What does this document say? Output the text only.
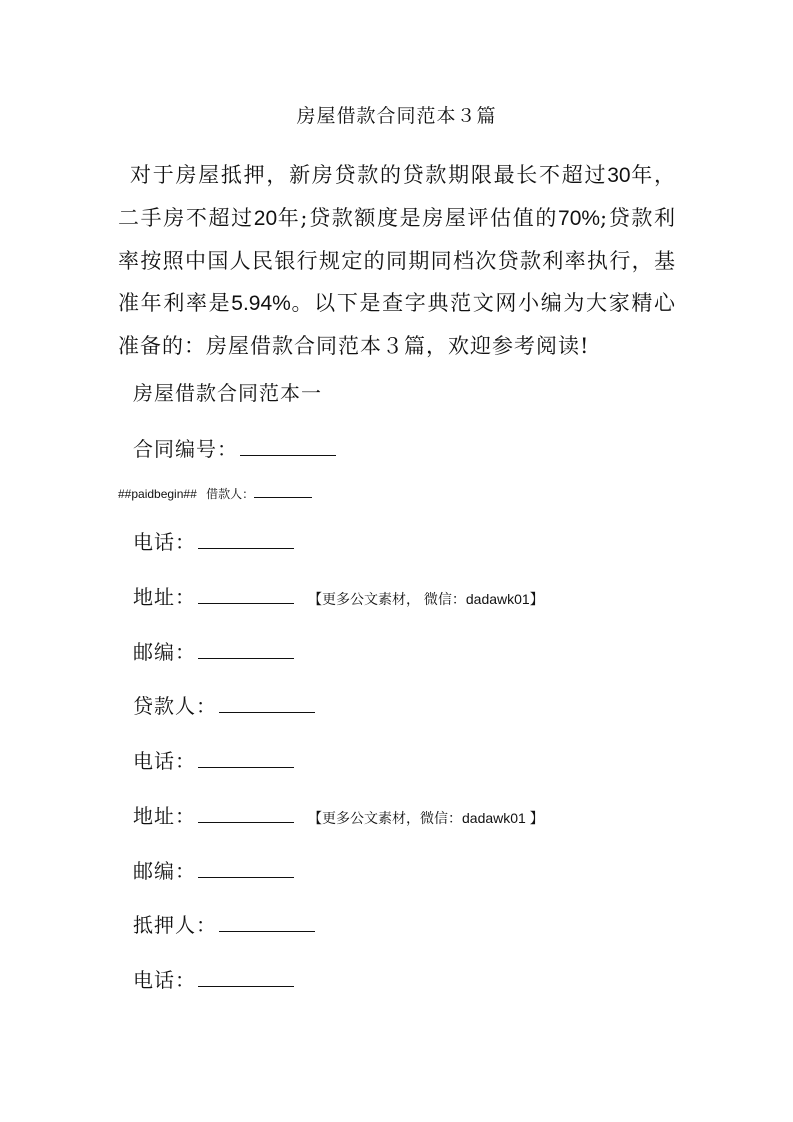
房屋借款合同范本３篇

对于房屋抵押，新房贷款的贷款期限最长不超过30年，二手房不超过20年;贷款额度是房屋评估值的70%;贷款利率按照中国人民银行规定的同期同档次贷款利率执行，基准年利率是5.94%。以下是查字典范文网小编为大家精心准备的：房屋借款合同范本３篇，欢迎参考阅读!

房屋借款合同范本一
合同编号：
##paidbegin## 借款人：
电话：
地址：	【更多公文素材， 微信：dadawk01】
邮编：
贷款人：
电话：
地址：	【更多公文素材，微信：dadawk01 】
邮编：
抵押人：
电话：
